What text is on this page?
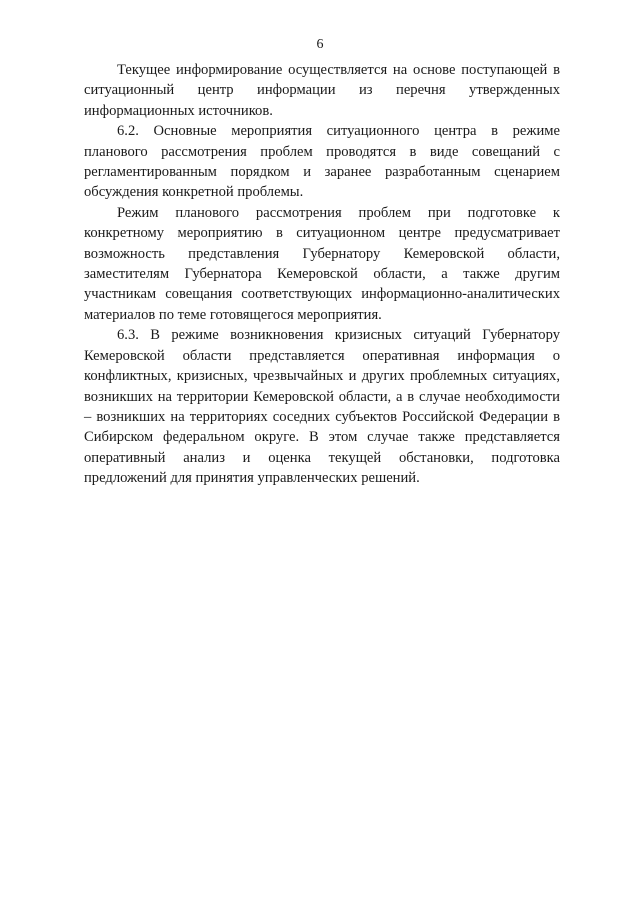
6

Текущее информирование осуществляется на основе поступающей в ситуационный центр информации из перечня утвержденных информационных источников.

6.2. Основные мероприятия ситуационного центра в режиме планового рассмотрения проблем проводятся в виде совещаний с регламентированным порядком и заранее разработанным сценарием обсуждения конкретной проблемы.

Режим планового рассмотрения проблем при подготовке к конкретному мероприятию в ситуационном центре предусматривает возможность представления Губернатору Кемеровской области, заместителям Губернатора Кемеровской области, а также другим участникам совещания соответствующих информационно-аналитических материалов по теме готовящегося мероприятия.

6.3. В режиме возникновения кризисных ситуаций Губернатору Кемеровской области представляется оперативная информация о конфликтных, кризисных, чрезвычайных и других проблемных ситуациях, возникших на территории Кемеровской области, а в случае необходимости – возникших на территориях соседних субъектов Российской Федерации в Сибирском федеральном округе. В этом случае также представляется оперативный анализ и оценка текущей обстановки, подготовка предложений для принятия управленческих решений.
